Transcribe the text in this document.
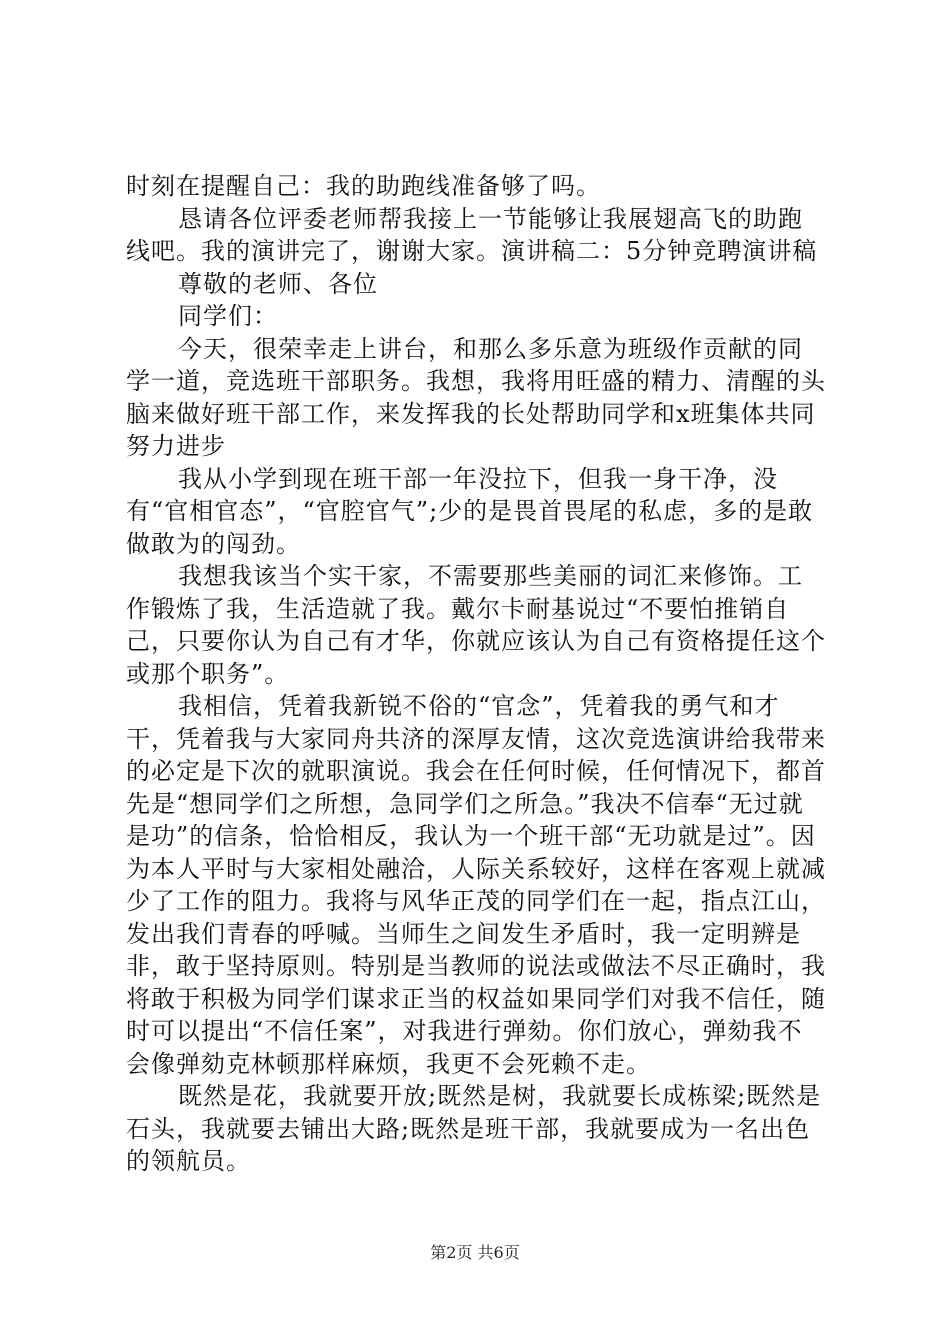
时刻在提醒自己：我的助跑线准备够了吗。

恳请各位评委老师帮我接上一节能够让我展翅高飞的助跑线吧。我的演讲完了，谢谢大家。演讲稿二：5分钟竞聘演讲稿

尊敬的老师、各位

同学们：

今天，很荣幸走上讲台，和那么多乐意为班级作贡献的同学一道，竞选班干部职务。我想，我将用旺盛的精力、清醒的头脑来做好班干部工作，来发挥我的长处帮助同学和x班集体共同努力进步

我从小学到现在班干部一年没拉下，但我一身干净，没有“官相官态”，“官腔官气”;少的是畏首畏尾的私虑，多的是敢做敢为的闯劲。

我想我该当个实干家，不需要那些美丽的词汇来修饰。工作锻炼了我，生活造就了我。戴尔卡耐基说过“不要怕推销自己，只要你认为自己有才华，你就应该认为自己有资格提任这个或那个职务”。

我相信，凭着我新锐不俗的“官念”，凭着我的勇气和才干，凭着我与大家同舟共济的深厚友情，这次竞选演讲给我带来的必定是下次的就职演说。我会在任何时候，任何情况下，都首先是“想同学们之所想，急同学们之所急。”我决不信奉“无过就是功”的信条，恰恰相反，我认为一个班干部“无功就是过”。因为本人平时与大家相处融洽，人际关系较好，这样在客观上就减少了工作的阻力。我将与风华正茂的同学们在一起，指点江山，发出我们青春的呼喊。当师生之间发生矛盾时，我一定明辨是非，敢于坚持原则。特别是当教师的说法或做法不尽正确时，我将敢于积极为同学们谋求正当的权益如果同学们对我不信任，随时可以提出“不信任案”，对我进行弹劾。你们放心，弹劾我不会像弹劾克林顿那样麻烦，我更不会死赖不走。

既然是花，我就要开放;既然是树，我就要长成栋梁;既然是石头，我就要去铺出大路;既然是班干部，我就要成为一名出色的领航员。

第2页 共6页
